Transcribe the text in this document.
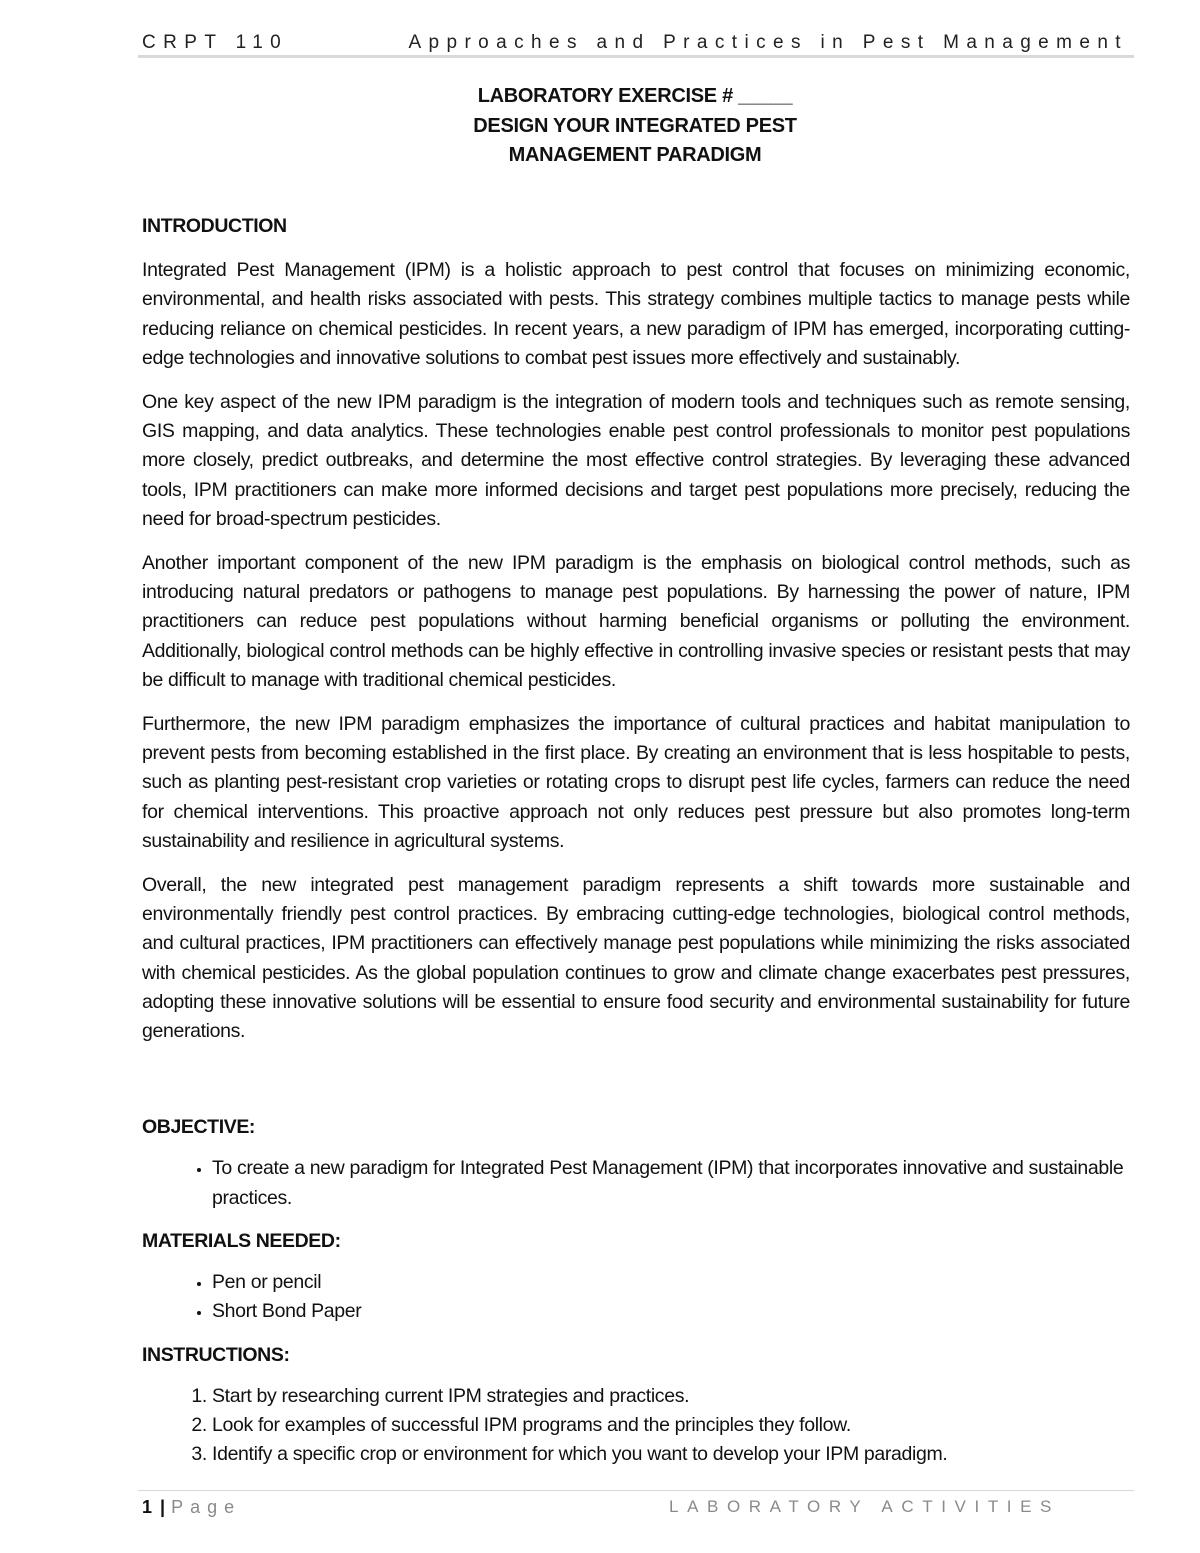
CRPT 110	Approaches and Practices in Pest Management
LABORATORY EXERCISE # _____
DESIGN YOUR INTEGRATED PEST
MANAGEMENT PARADIGM

INTRODUCTION

Integrated Pest Management (IPM) is a holistic approach to pest control that focuses on minimizing economic, environmental, and health risks associated with pests. This strategy combines multiple tactics to manage pests while reducing reliance on chemical pesticides. In recent years, a new paradigm of IPM has emerged, incorporating cutting-edge technologies and innovative solutions to combat pest issues more effectively and sustainably.

One key aspect of the new IPM paradigm is the integration of modern tools and techniques such as remote sensing, GIS mapping, and data analytics. These technologies enable pest control professionals to monitor pest populations more closely, predict outbreaks, and determine the most effective control strategies. By leveraging these advanced tools, IPM practitioners can make more informed decisions and target pest populations more precisely, reducing the need for broad-spectrum pesticides.

Another important component of the new IPM paradigm is the emphasis on biological control methods, such as introducing natural predators or pathogens to manage pest populations. By harnessing the power of nature, IPM practitioners can reduce pest populations without harming beneficial organisms or polluting the environment. Additionally, biological control methods can be highly effective in controlling invasive species or resistant pests that may be difficult to manage with traditional chemical pesticides.

Furthermore, the new IPM paradigm emphasizes the importance of cultural practices and habitat manipulation to prevent pests from becoming established in the first place. By creating an environment that is less hospitable to pests, such as planting pest-resistant crop varieties or rotating crops to disrupt pest life cycles, farmers can reduce the need for chemical interventions. This proactive approach not only reduces pest pressure but also promotes long-term sustainability and resilience in agricultural systems.

Overall, the new integrated pest management paradigm represents a shift towards more sustainable and environmentally friendly pest control practices. By embracing cutting-edge technologies, biological control methods, and cultural practices, IPM practitioners can effectively manage pest populations while minimizing the risks associated with chemical pesticides. As the global population continues to grow and climate change exacerbates pest pressures, adopting these innovative solutions will be essential to ensure food security and environmental sustainability for future generations.

OBJECTIVE:

• To create a new paradigm for Integrated Pest Management (IPM) that incorporates innovative and sustainable practices.

MATERIALS NEEDED:

• Pen or pencil
• Short Bond Paper

INSTRUCTIONS:

1. Start by researching current IPM strategies and practices.
2. Look for examples of successful IPM programs and the principles they follow.
3. Identify a specific crop or environment for which you want to develop your IPM paradigm.
1 | Page	LABORATORY ACTIVITIES
